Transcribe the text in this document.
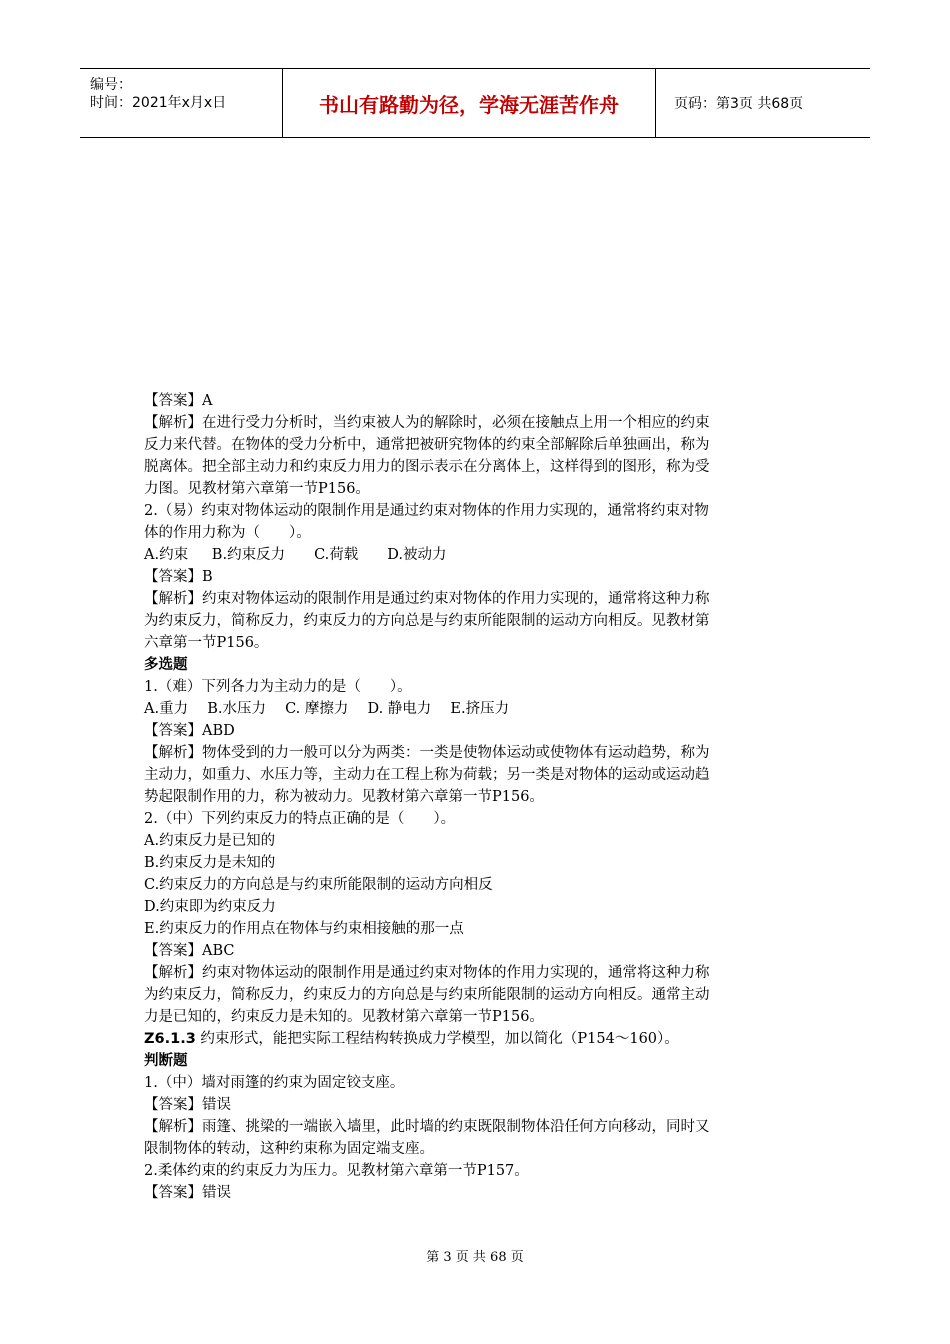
编号：
时间：2021年x月x日	书山有路勤为径，学海无涯苦作舟	页码：第3页 共68页

【答案】A

【解析】在进行受力分析时，当约束被人为的解除时，必须在接触点上用一个相应的约束

反力来代替。在物体的受力分析中，通常把被研究物体的约束全部解除后单独画出，称为

脱离体。把全部主动力和约束反力用力的图示表示在分离体上，这样得到的图形，称为受

力图。见教材第六章第一节P156。

2.（易）约束对物体运动的限制作用是通过约束对物体的作用力实现的，通常将约束对物

体的作用力称为（　　）。

A.约束　  B.约束反力　　C.荷载　　D.被动力

【答案】B

【解析】约束对物体运动的限制作用是通过约束对物体的作用力实现的，通常将这种力称

为约束反力，简称反力，约束反力的方向总是与约束所能限制的运动方向相反。见教材第

六章第一节P156。

多选题

1.（难）下列各力为主动力的是（　　）。

A.重力　 B.水压力　 C. 摩擦力　 D. 静电力　 E.挤压力

【答案】ABD

【解析】物体受到的力一般可以分为两类：一类是使物体运动或使物体有运动趋势，称为

主动力，如重力、水压力等，主动力在工程上称为荷载；另一类是对物体的运动或运动趋

势起限制作用的力，称为被动力。见教材第六章第一节P156。

2.（中）下列约束反力的特点正确的是（　　）。

A.约束反力是已知的

B.约束反力是未知的

C.约束反力的方向总是与约束所能限制的运动方向相反

D.约束即为约束反力

E.约束反力的作用点在物体与约束相接触的那一点

【答案】ABC

【解析】约束对物体运动的限制作用是通过约束对物体的作用力实现的，通常将这种力称

为约束反力，简称反力，约束反力的方向总是与约束所能限制的运动方向相反。通常主动

力是已知的，约束反力是未知的。见教材第六章第一节P156。

Z6.1.3 约束形式，能把实际工程结构转换成力学模型，加以简化（P154～160）。

判断题

1.（中）墙对雨篷的约束为固定铰支座。

【答案】错误

【解析】雨篷、挑梁的一端嵌入墙里，此时墙的约束既限制物体沿任何方向移动，同时又

限制物体的转动，这种约束称为固定端支座。

2.柔体约束的约束反力为压力。见教材第六章第一节P157。

【答案】错误

第 3 页 共 68 页
